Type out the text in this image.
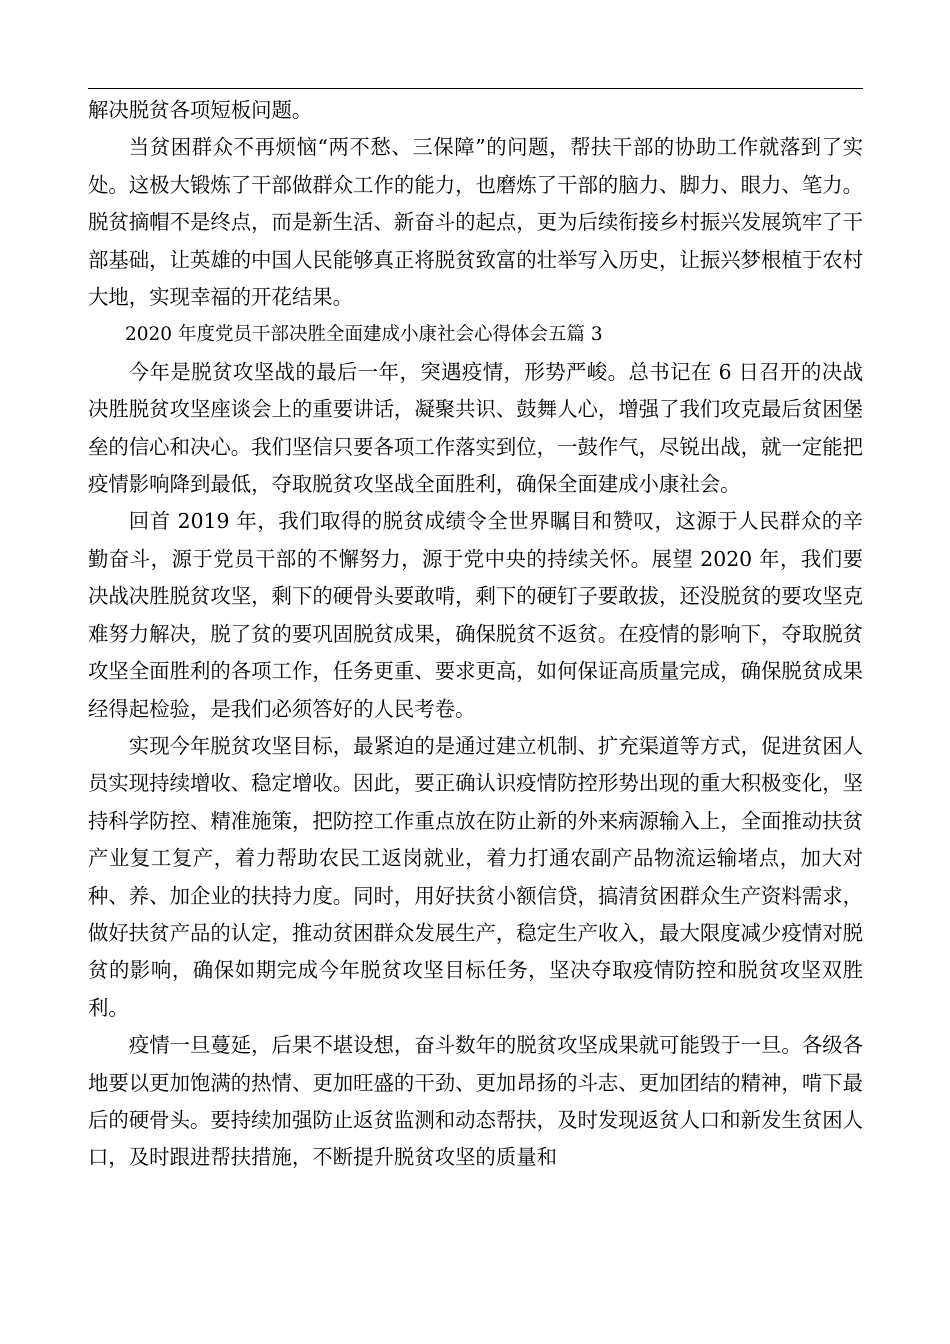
解决脱贫各项短板问题。

当贫困群众不再烦恼“两不愁、三保障”的问题，帮扶干部的协助工作就落到了实处。这极大锻炼了干部做群众工作的能力，也磨炼了干部的脑力、脚力、眼力、笔力。脱贫摘帽不是终点，而是新生活、新奋斗的起点，更为后续衔接乡村振兴发展筑牢了干部基础，让英雄的中国人民能够真正将脱贫致富的壮举写入历史，让振兴梦根植于农村大地，实现幸福的开花结果。

2020 年度党员干部决胜全面建成小康社会心得体会五篇 3

今年是脱贫攻坚战的最后一年，突遇疫情，形势严峻。总书记在 6 日召开的决战决胜脱贫攻坚座谈会上的重要讲话，凝聚共识、鼓舞人心，增强了我们攻克最后贫困堡垒的信心和决心。我们坚信只要各项工作落实到位，一鼓作气，尽锐出战，就一定能把疫情影响降到最低，夺取脱贫攻坚战全面胜利，确保全面建成小康社会。

回首 2019 年，我们取得的脱贫成绩令全世界瞩目和赞叹，这源于人民群众的辛勤奋斗，源于党员干部的不懈努力，源于党中央的持续关怀。展望 2020 年，我们要决战决胜脱贫攻坚，剩下的硬骨头要敢啃，剩下的硬钉子要敢拔，还没脱贫的要攻坚克难努力解决，脱了贫的要巩固脱贫成果，确保脱贫不返贫。在疫情的影响下，夺取脱贫攻坚全面胜利的各项工作，任务更重、要求更高，如何保证高质量完成，确保脱贫成果经得起检验，是我们必须答好的人民考卷。

实现今年脱贫攻坚目标，最紧迫的是通过建立机制、扩充渠道等方式，促进贫困人员实现持续增收、稳定增收。因此，要正确认识疫情防控形势出现的重大积极变化，坚持科学防控、精准施策，把防控工作重点放在防止新的外来病源输入上，全面推动扶贫产业复工复产，着力帮助农民工返岗就业，着力打通农副产品物流运输堵点，加大对种、养、加企业的扶持力度。同时，用好扶贫小额信贷，搞清贫困群众生产资料需求，做好扶贫产品的认定，推动贫困群众发展生产，稳定生产收入，最大限度减少疫情对脱贫的影响，确保如期完成今年脱贫攻坚目标任务，坚决夺取疫情防控和脱贫攻坚双胜利。

疫情一旦蔓延，后果不堪设想，奋斗数年的脱贫攻坚成果就可能毁于一旦。各级各地要以更加饱满的热情、更加旺盛的干劲、更加昂扬的斗志、更加团结的精神，啃下最后的硬骨头。要持续加强防止返贫监测和动态帮扶，及时发现返贫人口和新发生贫困人口，及时跟进帮扶措施，不断提升脱贫攻坚的质量和
